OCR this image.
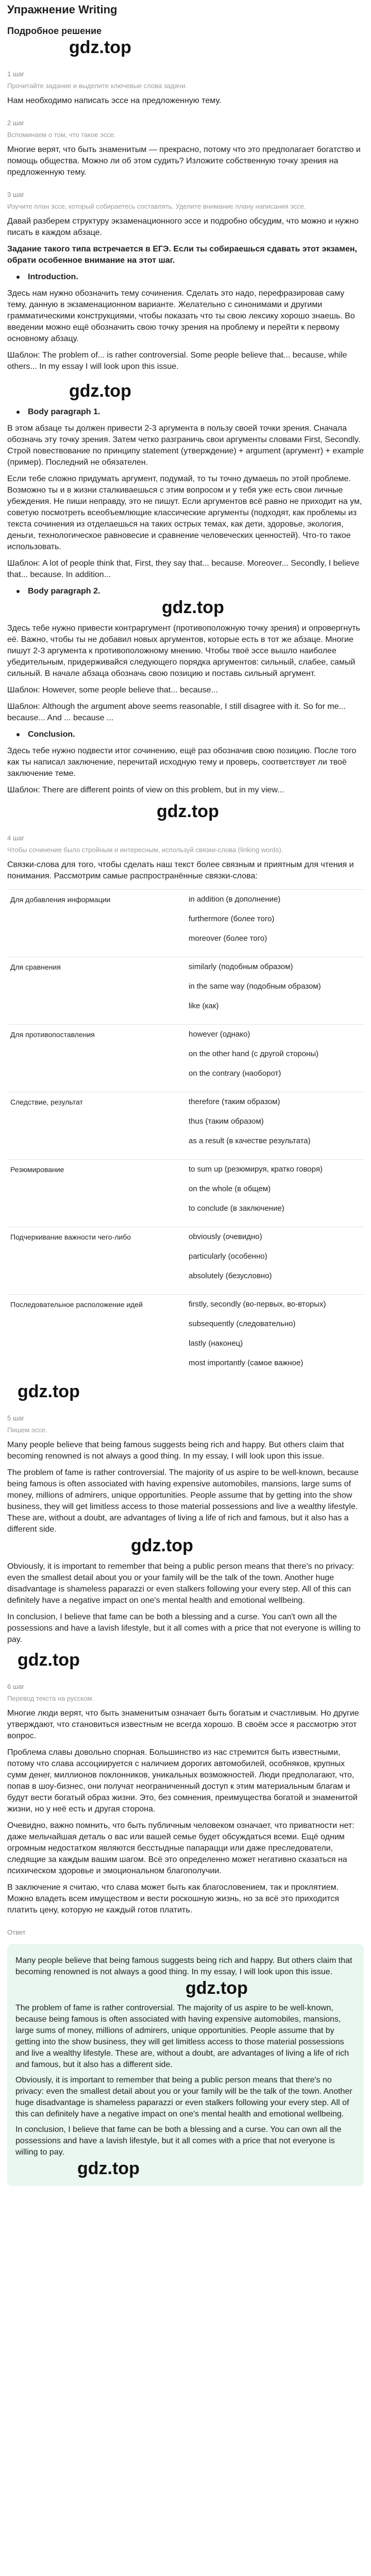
Упражнение Writing
Подробное решение
gdz.top
1 шаг
Прочитайте задание и выделите ключевые слова задачи.

Нам необходимо написать эссе на предложенную тему.

2 шаг
Вспоминаем о том, что такое эссе.

Многие верят, что быть знаменитым — прекрасно, потому что это предполагает богатство и помощь общества. Можно ли об этом судить? Изложите собственную точку зрения на предложенную тему.

3 шаг
Изучите план эссе, который собираетесь составлять. Уделите внимание плану написания эссе.

Давай разберем структуру экзаменационного эссе и подробно обсудим, что можно и нужно писать в каждом абзаце.

Задание такого типа встречается в ЕГЭ. Если ты собираешься сдавать этот экзамен, обрати особенное внимание на этот шаг.

Introduction.

Здесь нам нужно обозначить тему сочинения. Сделать это надо, перефразировав саму тему, данную в экзаменационном варианте. Желательно с синонимами и другими грамматическими конструкциями, чтобы показать что ты свою лексику хорошо знаешь. Во введении можно ещё обозначить свою точку зрения на проблему и перейти к первому основному абзацу.

Шаблон: The problem of... is rather controversial. Some people believe that... because, while others... In my essay I will look upon this issue.

gdz.top
Body paragraph 1.

В этом абзаце ты должен привести 2-3 аргумента в пользу своей точки зрения. Сначала обозначь эту точку зрения. Затем четко разграничь свои аргументы словами First, Secondly. Строй повествование по принципу statement (утверждение) + argument (аргумент) + example (пример). Последний не обязателен.

Если тебе сложно придумать аргумент, подумай, то ты точно думаешь по этой проблеме. Возможно ты и в жизни сталкиваешься с этим вопросом и у тебя уже есть свои личные убеждения. Не пиши неправду, это не пишут. Если аргументов всё равно не приходит на ум, советую посмотреть всеобъемлющие классические аргументы (подходят, как проблемы из текста сочинения из отделаешься на таких острых темах, как дети, здоровье, экология, деньги, технологическое равновесие и сравнение человеческих ценностей). Что-то такое использовать.

Шаблон: A lot of people think that, First, they say that... because. Moreover... Secondly, I believe that... because. In addition...

Body paragraph 2.
gdz.top

Здесь тебе нужно привести контраргумент (противоположную точку зрения) и опровергнуть её. Важно, чтобы ты не добавил новых аргументов, которые есть в тот же абзаце. Многие пишут 2-3 аргумента к противоположному мнению. Чтобы твоё эссе вышло наиболее убедительным, придерживайся следующего порядка аргументов: сильный, слабее, самый сильный. В начале абзаца обозначь свою позицию и поставь сильный аргумент.

Шаблон: However, some people believe that... because...

Шаблон: Although the argument above seems reasonable, I still disagree with it. So for me... because... And ... because ...

Conclusion.

Здесь тебе нужно подвести итог сочинению, ещё раз обозначив свою позицию. После того как ты написал заключение, перечитай исходную тему и проверь, соответствует ли твоё заключение теме.

Шаблон: There are different points of view on this problem, but in my view...

gdz.top
4 шаг
Чтобы сочинение было стройным и интересным, используй связки-слова (linking words).

Связки-слова для того, чтобы сделать наш текст более связным и приятным для чтения и понимания. Рассмотрим самые распространённые связки-слова:

Для добавления информации	in addition (в дополнение)
furthermore (более того)
moreover (более того)

Для сравнения	similarly (подобным образом)
in the same way (подобным образом)
like (как)

Для противопоставления	however (однако)
on the other hand (с другой стороны)
on the contrary (наоборот)

Следствие, результат	therefore (таким образом)
thus (таким образом)
as a result (в качестве результата)

Резюмирование	to sum up (резюмируя, кратко говоря)
on the whole (в общем)
to conclude (в заключение)

Подчеркивание важности чего-либо	obviously (очевидно)
particularly (особенно)
absolutely (безусловно)

Последовательное расположение идей	firstly, secondly (во-первых, во-вторых)
subsequently (следовательно)
lastly (наконец)
most importantly (самое важное)
gdz.top
5 шаг
Пишем эссе.

Many people believe that being famous suggests being rich and happy. But others claim that becoming renowned is not always a good thing. In my essay, I will look upon this issue.

The problem of fame is rather controversial. The majority of us aspire to be well-known, because being famous is often associated with having expensive automobiles, mansions, large sums of money, millions of admirers, unique opportunities. People assume that by getting into the show business, they will get limitless access to those material possessions and live a wealthy lifestyle. These are, without a doubt, are advantages of living a life of rich and famous, but it also has a different side.

gdz.top

Obviously, it is important to remember that being a public person means that there's no privacy: even the smallest detail about you or your family will be the talk of the town. Another huge disadvantage is shameless paparazzi or even stalkers following your every step. All of this can definitely have a negative impact on one's mental health and emotional wellbeing.

In conclusion, I believe that fame can be both a blessing and a curse. You can't own all the possessions and have a lavish lifestyle, but it all comes with a price that not everyone is willing to pay.

gdz.top
6 шаг
Перевод текста на русском.

Многие люди верят, что быть знаменитым означает быть богатым и счастливым. Но другие утверждают, что становиться известным не всегда хорошо. В своём эссе я рассмотрю этот вопрос.

Проблема славы довольно спорная. Большинство из нас стремится быть известными, потому что слава ассоциируется с наличием дорогих автомобилей, особняков, крупных сумм денег, миллионов поклонников, уникальных возможностей. Люди предполагают, что, попав в шоу-бизнес, они получат неограниченный доступ к этим материальным благам и будут вести богатый образ жизни. Это, без сомнения, преимущества богатой и знаменитой жизни, но у неё есть и другая сторона.

Очевидно, важно помнить, что быть публичным человеком означает, что приватности нет: даже мельчайшая деталь о вас или вашей семье будет обсуждаться всеми. Ещё одним огромным недостатком являются бесстыдные папарацци или даже преследователи, следящие за каждым вашим шагом. Всё это определенно может негативно сказаться на психическом здоровье и эмоциональном благополучии.

В заключение я считаю, что слава может быть как благословением, так и проклятием. Можно владеть всем имуществом и вести роскошную жизнь, но за всё это приходится платить цену, которую не каждый готов платить.

Ответ

Many people believe that being famous suggests being rich and happy. But others claim that becoming renowned is not always a good thing. In my essay, I will look upon this issue.

gdz.top

The problem of fame is rather controversial. The majority of us aspire to be well-known, because being famous is often associated with having expensive automobiles, mansions, large sums of money, millions of admirers, unique opportunities. People assume that by getting into the show business, they will get limitless access to those material possessions and live a wealthy lifestyle. These are, without a doubt, are advantages of living a life of rich and famous, but it also has a different side.

Obviously, it is important to remember that being a public person means that there's no privacy: even the smallest detail about you or your family will be the talk of the town. Another huge disadvantage is shameless paparazzi or even stalkers following your every step. All of this can definitely have a negative impact on one's mental health and emotional wellbeing.

In conclusion, I believe that fame can be both a blessing and a curse. You can own all the possessions and have a lavish lifestyle, but it all comes with a price that not everyone is willing to pay.

gdz.top
